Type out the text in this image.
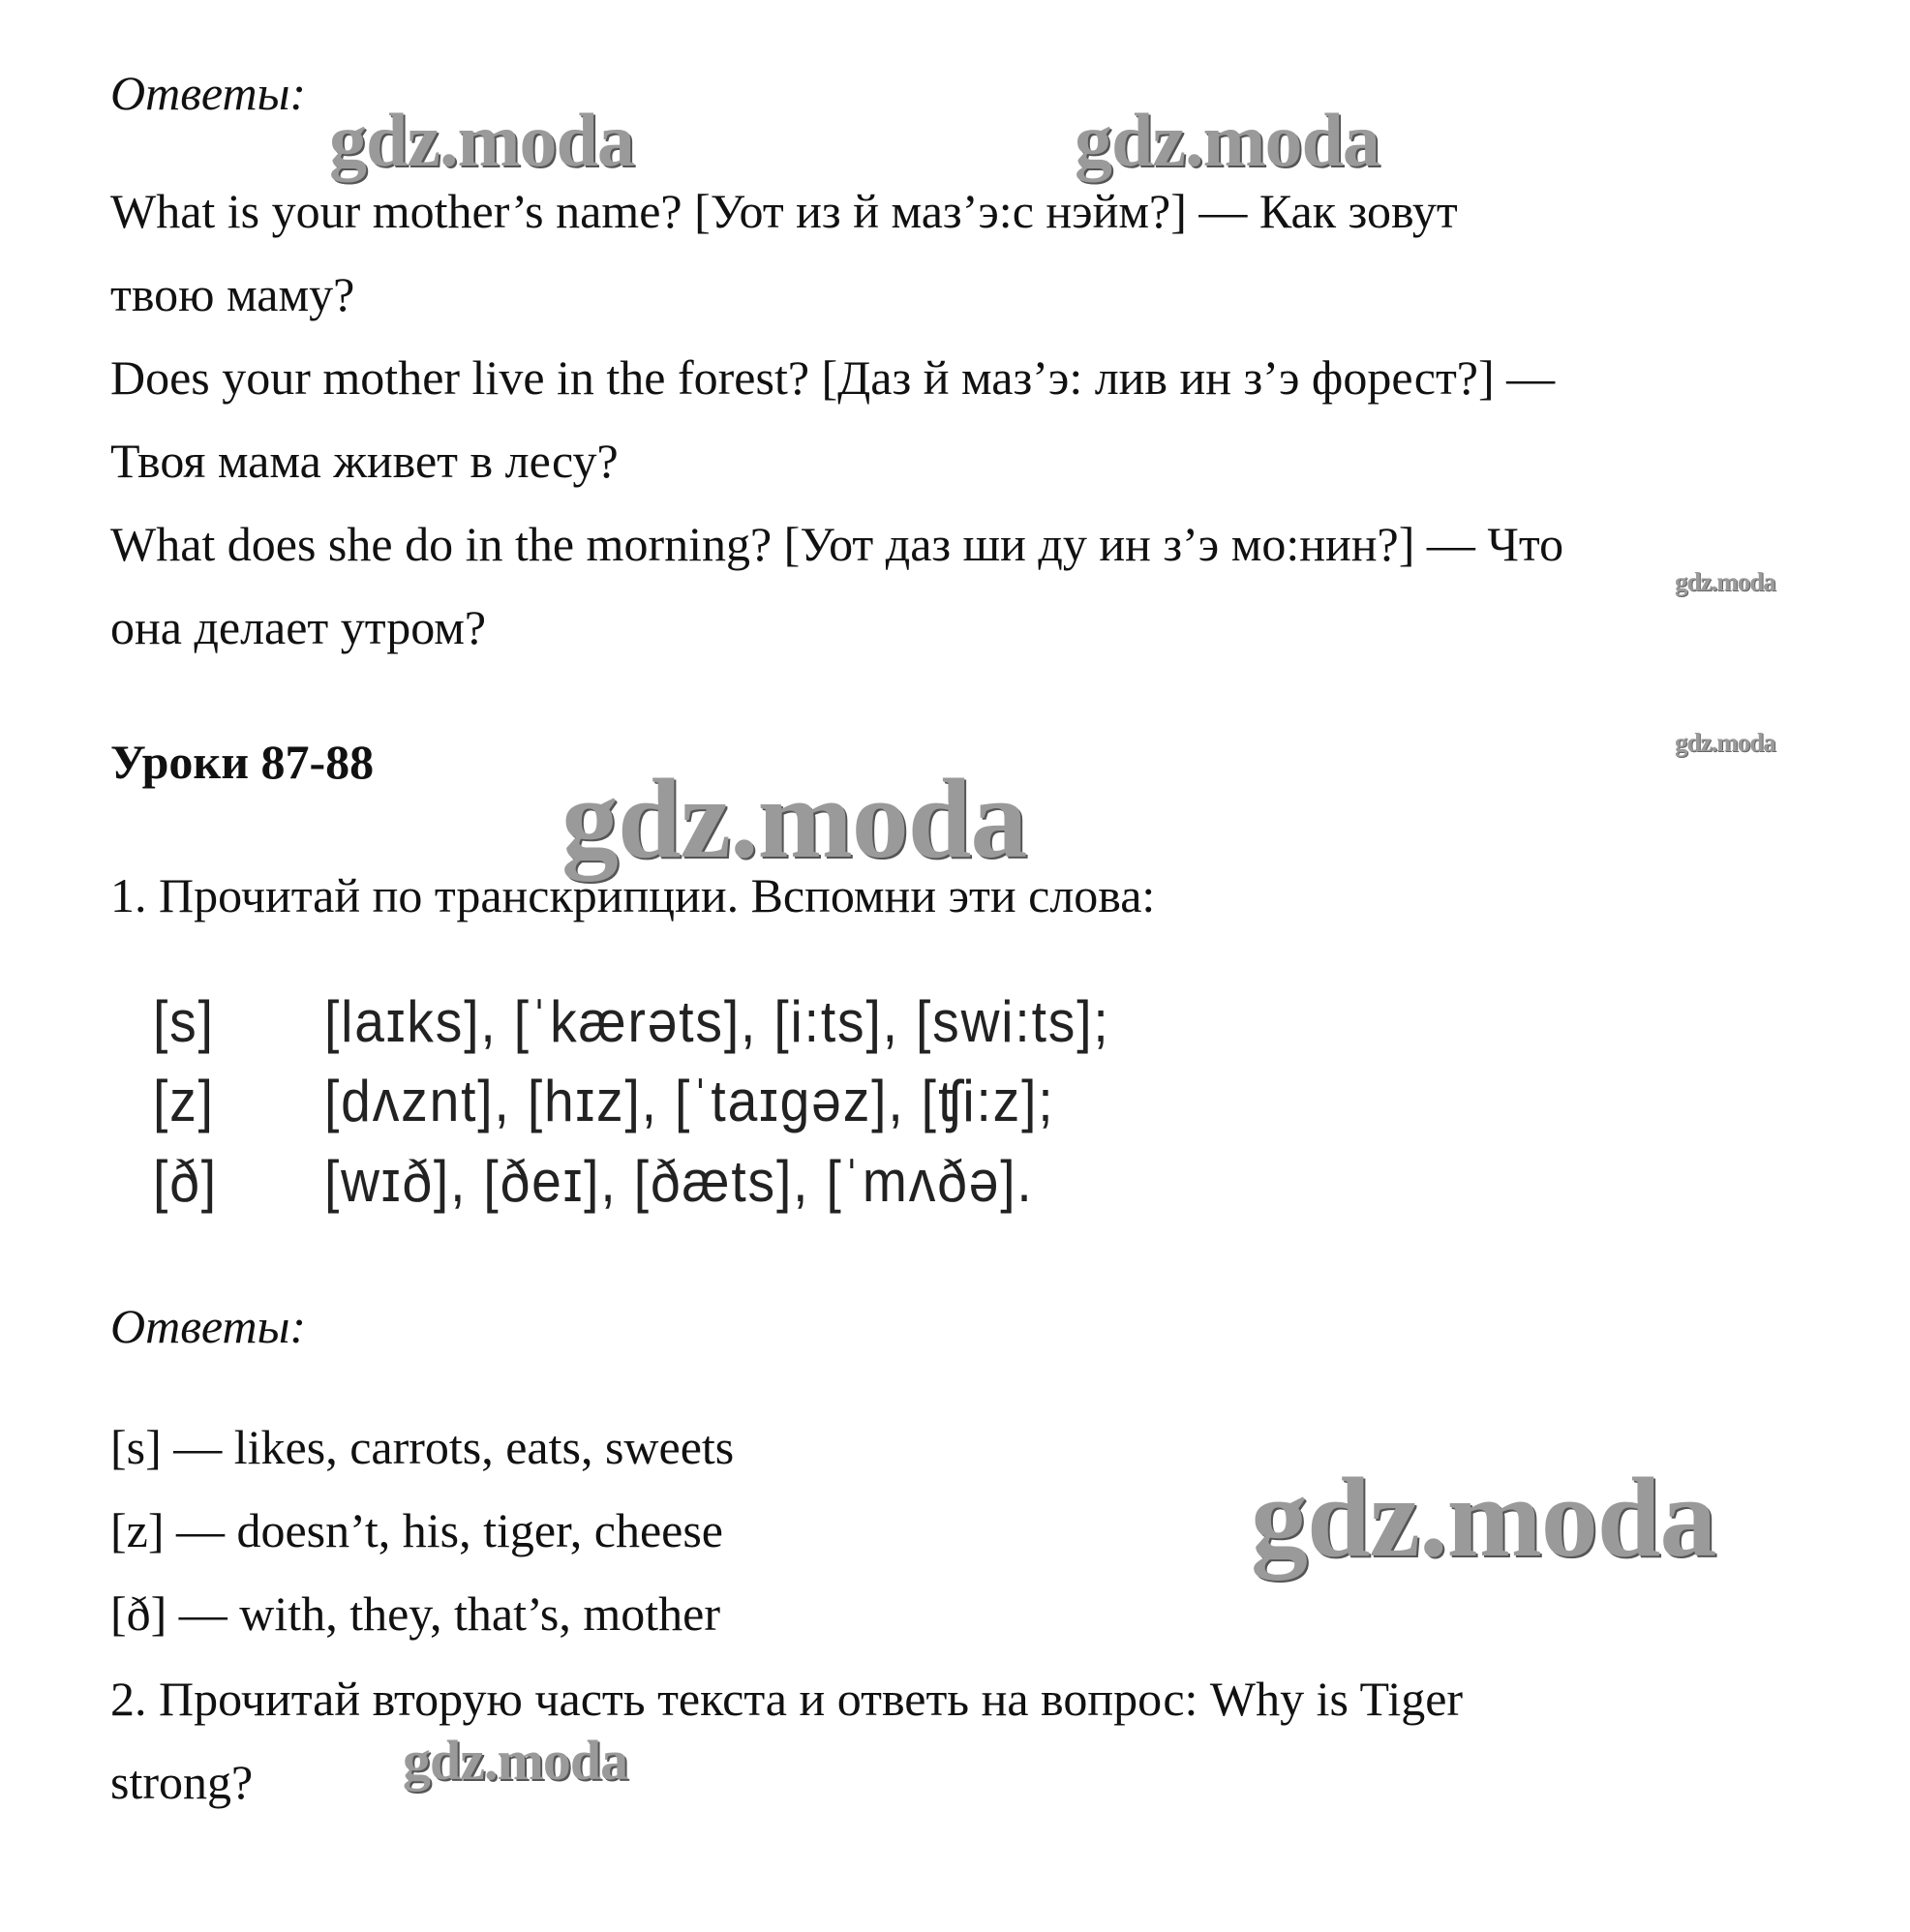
Ответы:
What is your mother’s name? [Уот из й маз’э:с нэйм?] — Как зовут
твою маму?
Does your mother live in the forest? [Даз й маз’э: лив ин з’э форест?] —
Твоя мама живет в лесу?
What does she do in the morning? [Уот даз ши ду ин з’э мо:нин?] — Что
она делает утром?
Уроки 87-88
1. Прочитай по транскрипции. Вспомни эти слова:
[s] [laɪks], [ˈkærəts], [i:ts], [swi:ts];
[z] [dʌznt], [hɪz], [ˈtaɪgəz], [ʧi:z];
[ð] [wɪð], [ðeɪ], [ðæts], [ˈmʌðə].
Ответы:
[s] — likes, carrots, eats, sweets
[z] — doesn’t, his, tiger, cheese
[ð] — with, they, that’s, mother
2. Прочитай вторую часть текста и ответь на вопрос: Why is Tiger
strong?
gdz.moda	gdz.moda
gdz.moda
gdz.moda
gdz.moda
gdz.moda
gdz.moda
